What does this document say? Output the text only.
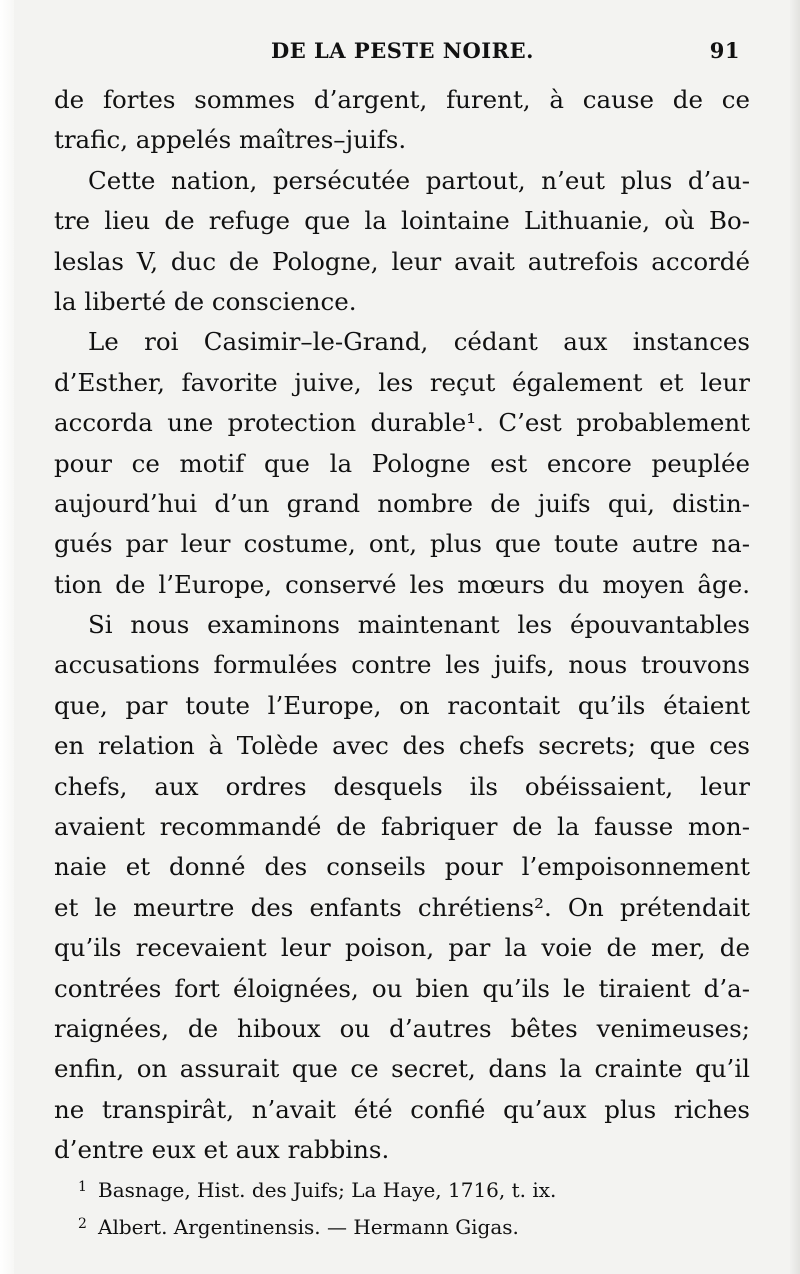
DE LA PESTE NOIRE.	91
de fortes sommes d’argent, furent, à cause de ce
trafic, appelés maîtres–juifs.
Cette nation, persécutée partout, n’eut plus d’au-
tre lieu de refuge que la lointaine Lithuanie, où Bo-
leslas V, duc de Pologne, leur avait autrefois accordé
la liberté de conscience.
Le roi Casimir–le-Grand, cédant aux instances
d’Esther, favorite juive, les reçut également et leur
accorda une protection durable¹. C’est probablement
pour ce motif que la Pologne est encore peuplée
aujourd’hui d’un grand nombre de juifs qui, distin-
gués par leur costume, ont, plus que toute autre na-
tion de l’Europe, conservé les mœurs du moyen âge.
Si nous examinons maintenant les épouvantables
accusations formulées contre les juifs, nous trouvons
que, par toute l’Europe, on racontait qu’ils étaient
en relation à Tolède avec des chefs secrets; que ces
chefs, aux ordres desquels ils obéissaient, leur
avaient recommandé de fabriquer de la fausse mon-
naie et donné des conseils pour l’empoisonnement
et le meurtre des enfants chrétiens². On prétendait
qu’ils recevaient leur poison, par la voie de mer, de
contrées fort éloignées, ou bien qu’ils le tiraient d’a-
raignées, de hiboux ou d’autres bêtes venimeuses;
enfin, on assurait que ce secret, dans la crainte qu’il
ne transpirât, n’avait été confié qu’aux plus riches
d’entre eux et aux rabbins.
1 Basnage, Hist. des Juifs; La Haye, 1716, t. ix.
2 Albert. Argentinensis. — Hermann Gigas.
